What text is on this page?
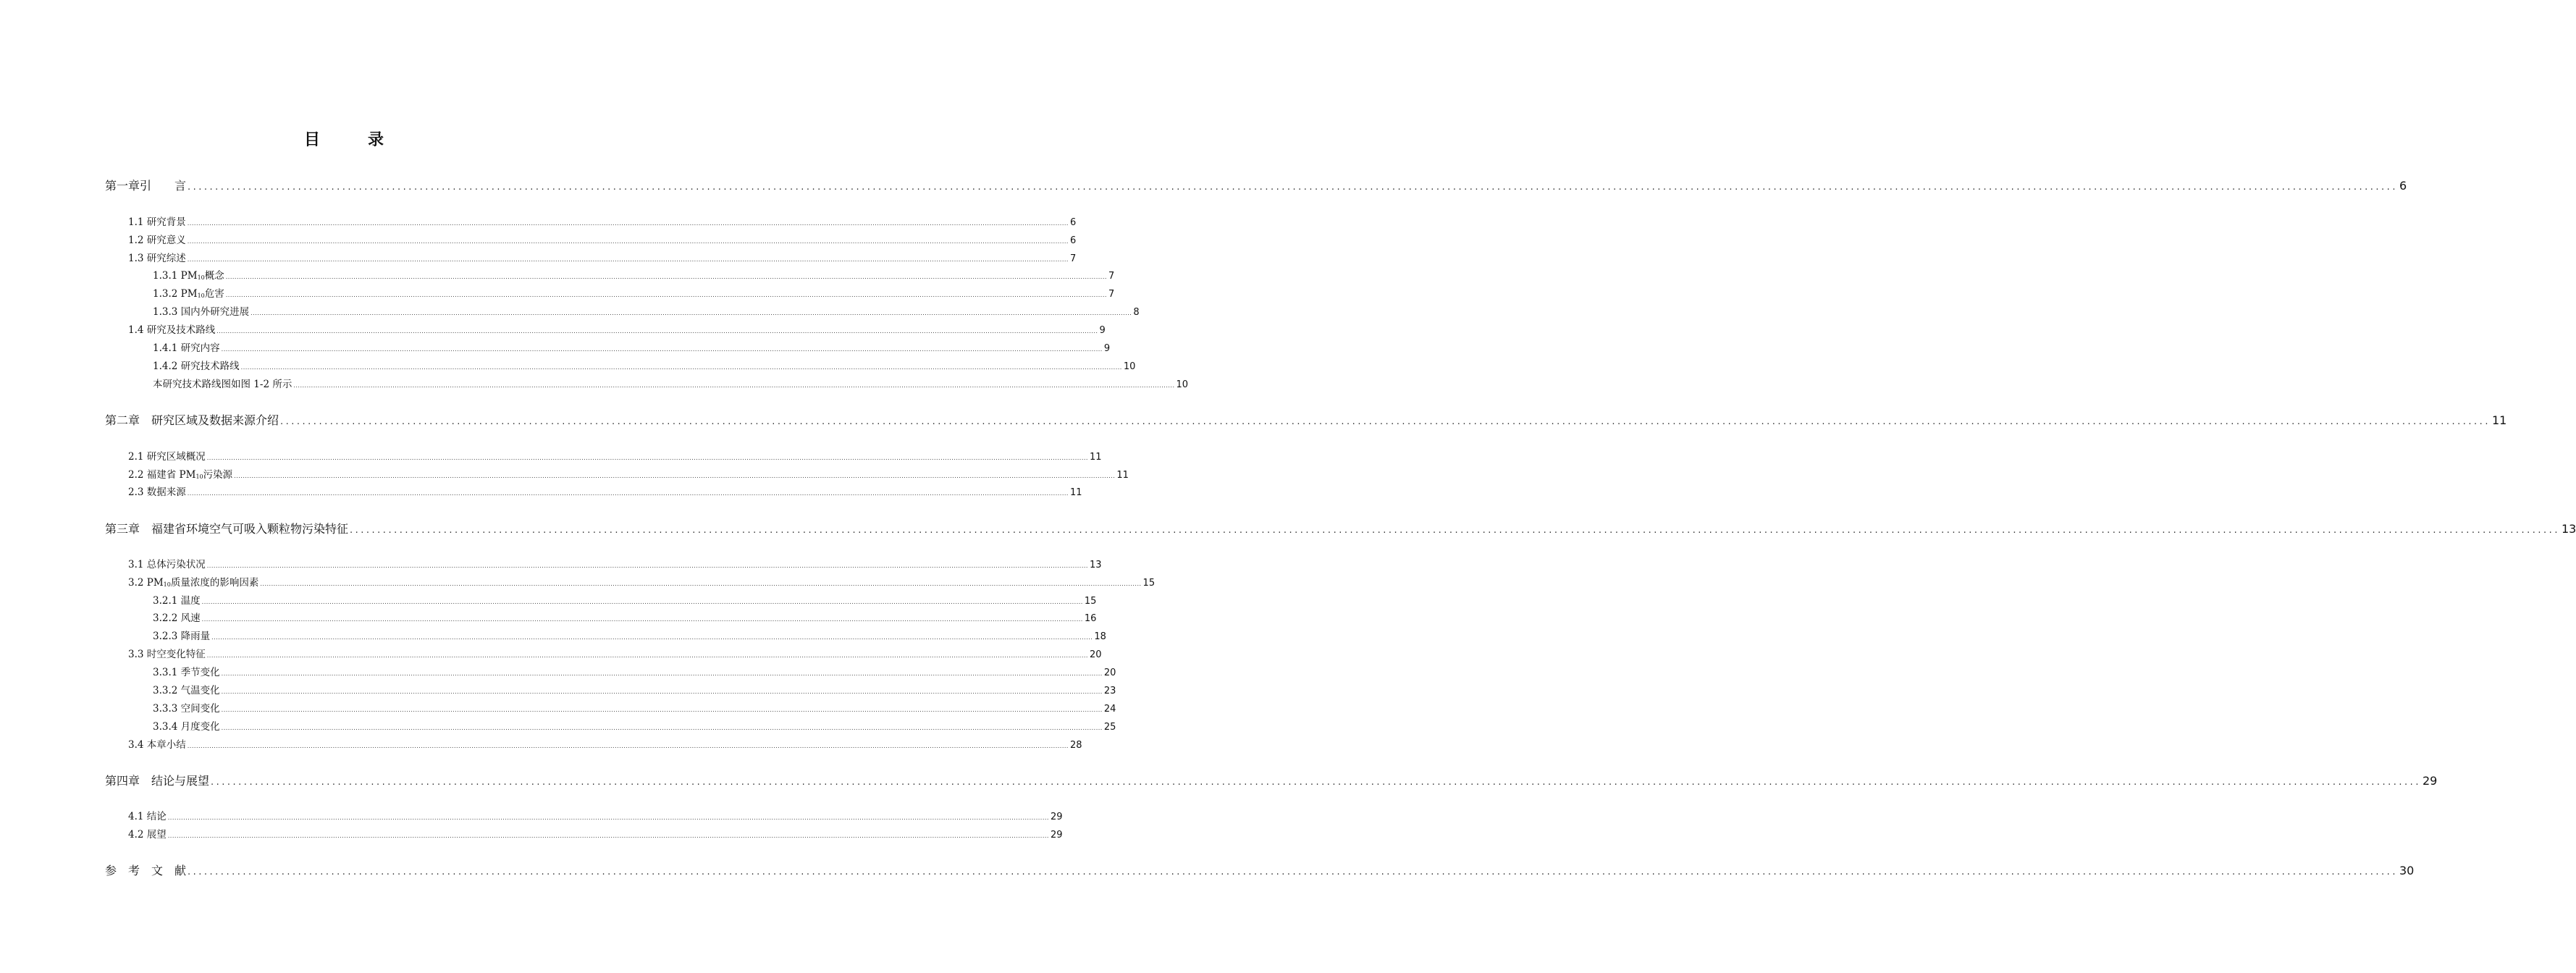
目　录
第一章引　　言 ................................................................................................................................................................................................................................................................................................................................................................................................................ 6
1.1 研究背景 ................................................................................................................................................................................................................................................................................................................................................................................................................ 6
1.2 研究意义 ................................................................................................................................................................................................................................................................................................................................................................................................................ 6
1.3 研究综述 ................................................................................................................................................................................................................................................................................................................................................................................................................ 7
1.3.1 $PM_{10}$概念 ................................................................................................................................................................................................................................................................................................................................................................................................................ 7
1.3.2 $PM_{10}$危害 ................................................................................................................................................................................................................................................................................................................................................................................................................ 7
1.3.3 国内外研究进展 ................................................................................................................................................................................................................................................................................................................................................................................................................ 8
1.4 研究及技术路线 ................................................................................................................................................................................................................................................................................................................................................................................................................ 9
1.4.1 研究内容 ................................................................................................................................................................................................................................................................................................................................................................................................................ 9
1.4.2 研究技术路线 ................................................................................................................................................................................................................................................................................................................................................................................................................ 10
本研究技术路线图如图 1-2 所示 ................................................................................................................................................................................................................................................................................................................................................................................................................ 10
第二章　研究区域及数据来源介绍 ................................................................................................................................................................................................................................................................................................................................................................................................................ 11
2.1 研究区域概况 ................................................................................................................................................................................................................................................................................................................................................................................................................ 11
2.2 福建省 $PM_{10}$污染源 ................................................................................................................................................................................................................................................................................................................................................................................................................ 11
2.3 数据来源 ................................................................................................................................................................................................................................................................................................................................................................................................................ 11
第三章　福建省环境空气可吸入颗粒物污染特征 ................................................................................................................................................................................................................................................................................................................................................................................................................ 13
3.1 总体污染状况 ................................................................................................................................................................................................................................................................................................................................................................................................................ 13
3.2 $PM_{10}$质量浓度的影响因素 ................................................................................................................................................................................................................................................................................................................................................................................................................ 15
3.2.1 温度 ................................................................................................................................................................................................................................................................................................................................................................................................................ 15
3.2.2 风速 ................................................................................................................................................................................................................................................................................................................................................................................................................ 16
3.2.3 降雨量 ................................................................................................................................................................................................................................................................................................................................................................................................................ 18
3.3 时空变化特征 ................................................................................................................................................................................................................................................................................................................................................................................................................ 20
3.3.1 季节变化 ................................................................................................................................................................................................................................................................................................................................................................................................................ 20
3.3.2 气温变化 ................................................................................................................................................................................................................................................................................................................................................................................................................ 23
3.3.3 空间变化 ................................................................................................................................................................................................................................................................................................................................................................................................................ 24
3.3.4 月度变化 ................................................................................................................................................................................................................................................................................................................................................................................................................ 25
3.4 本章小结 ................................................................................................................................................................................................................................................................................................................................................................................................................ 28
第四章　结论与展望 ................................................................................................................................................................................................................................................................................................................................................................................................................ 29
4.1 结论 ................................................................................................................................................................................................................................................................................................................................................................................................................ 29
4.2 展望 ................................................................................................................................................................................................................................................................................................................................................................................................................ 29
参　考　文　献 ................................................................................................................................................................................................................................................................................................................................................................................................................ 30
